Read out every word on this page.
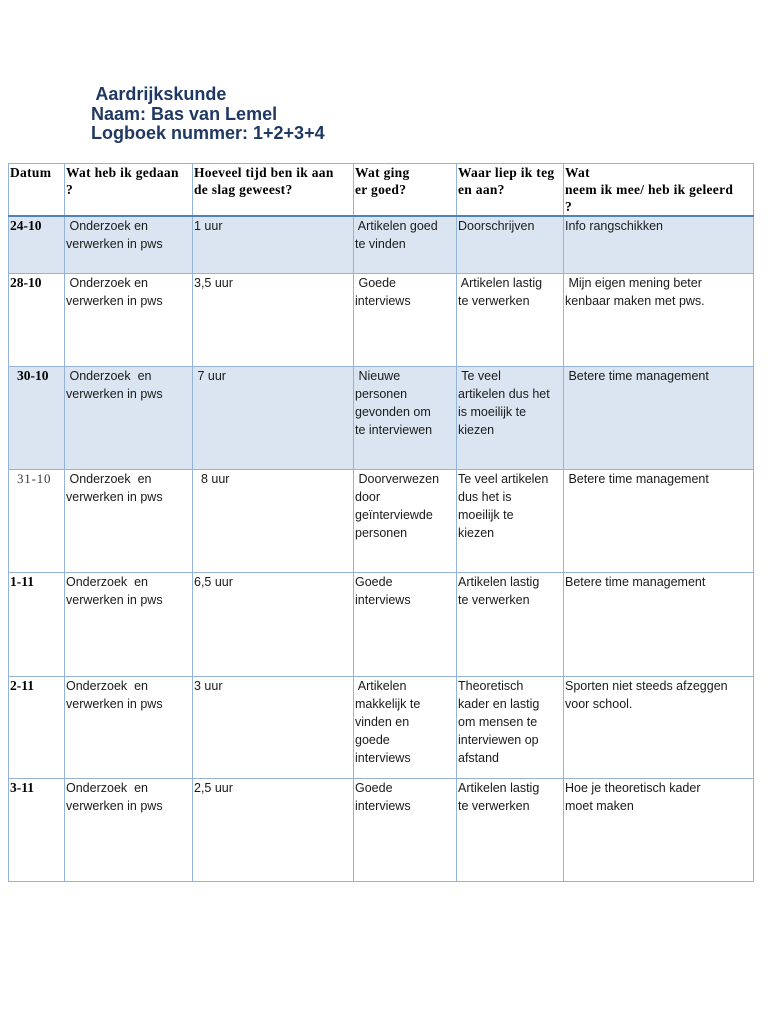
Aardrijkskunde
Naam: Bas van Lemel
Logboek nummer: 1+2+3+4
Datum	Wat heb ik gedaan
?	Hoeveel tijd ben ik aan
de slag geweest?	Wat ging
er goed?	Waar liep ik teg
en aan?	Wat
neem ik mee/ heb ik geleerd
?
24-10	Onderzoek en
verwerken in pws	1 uur	Artikelen goed
te vinden	Doorschrijven	Info rangschikken
28-10	Onderzoek en
verwerken in pws	3,5 uur	Goede
interviews	Artikelen lastig
te verwerken	Mijn eigen mening beter
kenbaar maken met pws.
30-10	Onderzoek  en
verwerken in pws	7 uur	Nieuwe
personen
gevonden om
te interviewen	Te veel
artikelen dus het
is moeilijk te
kiezen	Betere time management
31-10	Onderzoek  en
verwerken in pws	8 uur	Doorverwezen
door
geïnterviewde
personen	Te veel artikelen
dus het is
moeilijk te
kiezen	Betere time management
1-11	Onderzoek  en
verwerken in pws	6,5 uur	Goede
interviews	Artikelen lastig
te verwerken	Betere time management
2-11	Onderzoek  en
verwerken in pws	3 uur	Artikelen
makkelijk te
vinden en
goede
interviews	Theoretisch
kader en lastig
om mensen te
interviewen op
afstand	Sporten niet steeds afzeggen
voor school.
3-11	Onderzoek  en
verwerken in pws	2,5 uur	Goede
interviews	Artikelen lastig
te verwerken	Hoe je theoretisch kader
moet maken
